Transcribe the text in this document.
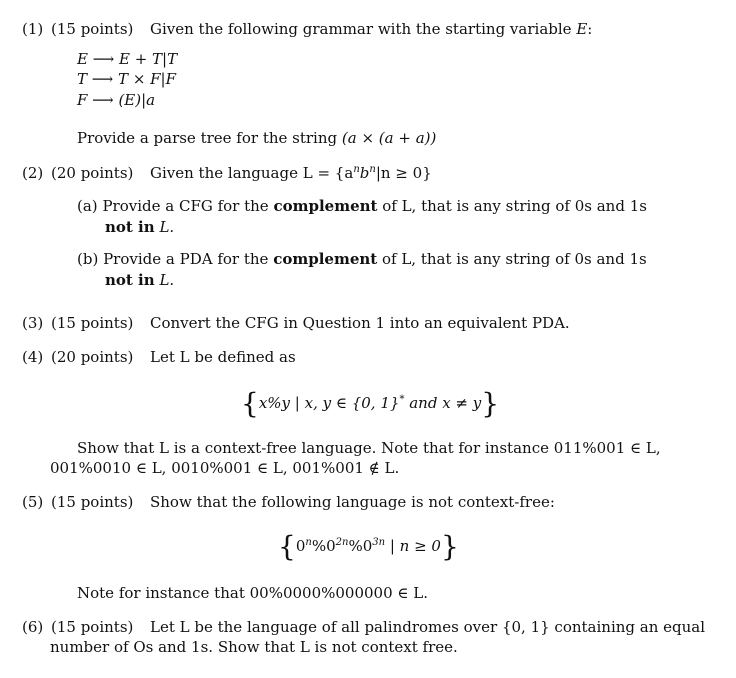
(1) (15 points) Given the following grammar with the starting variable E:
E ⟶ E + T|T
T ⟶ T × F|F
F ⟶ (E)|a
Provide a parse tree for the string (a × (a + a))
(2) (20 points) Given the language $L = \{a^nb^n|n \ge 0\}$
(a) Provide a CFG for the complement of L, that is any string of 0s and 1s
not in L.
(b) Provide a PDA for the complement of L, that is any string of 0s and 1s
not in L.
(3) (15 points) Convert the CFG in Question 1 into an equivalent PDA.
(4) (20 points) Let L be defined as
{x%y | x, y ∈ {0, 1}* and x ≠ y}
Show that L is a context-free language. Note that for instance 011%001 ∈ L,
001%0010 ∈ L, 0010%001 ∈ L, 001%001 ∉ L.
(5) (15 points) Show that the following language is not context-free:
{$0^n\%0^{2n}\%0^{3n}$ | n ≥ 0}
Note for instance that 00%0000%000000 ∈ L.
(6) (15 points) Let L be the language of all palindromes over {0, 1} containing an equal
number of Os and 1s. Show that L is not context free.
